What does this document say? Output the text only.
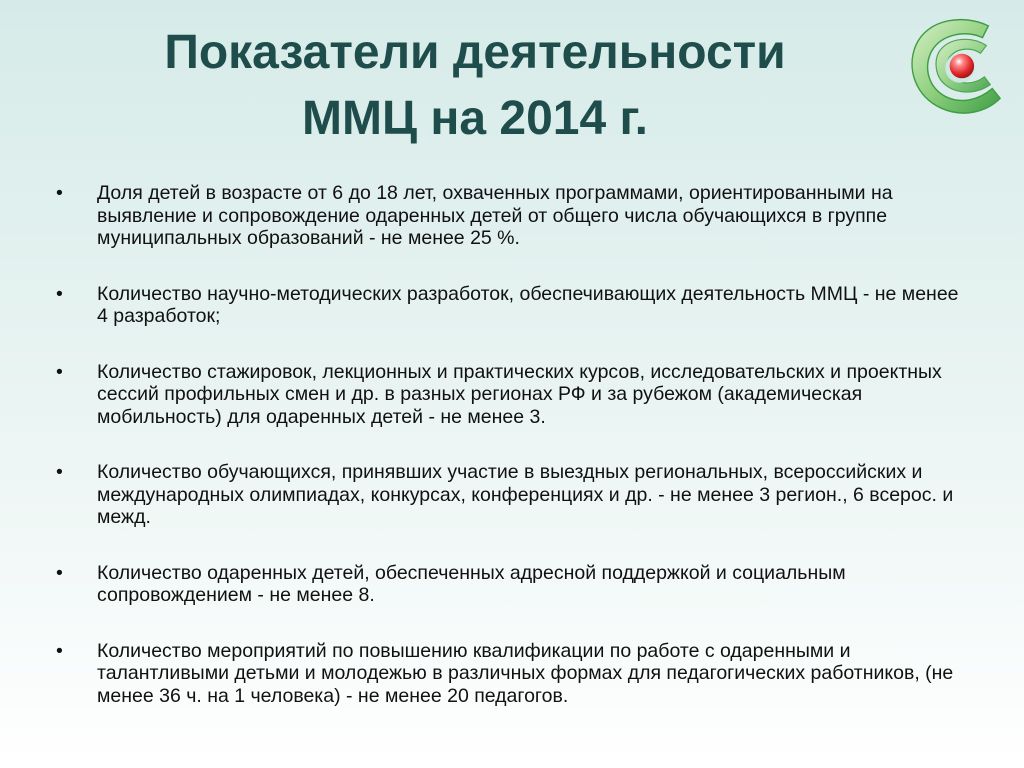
Показатели деятельности
ММЦ на 2014 г.
• Доля детей в возрасте от 6 до 18 лет, охваченных программами, ориентированными на выявление и сопровождение одаренных детей от общего числа обучающихся в группе муниципальных образований - не менее 25 %.
• Количество научно-методических разработок, обеспечивающих деятельность ММЦ - не менее 4 разработок;
• Количество стажировок, лекционных и практических курсов, исследовательских и проектных сессий профильных смен и др. в разных регионах РФ и за рубежом (академическая мобильность) для одаренных детей - не менее 3.
• Количество обучающихся, принявших участие в выездных региональных, всероссийских и международных олимпиадах, конкурсах, конференциях и др. - не менее 3 регион., 6 всерос. и межд.
• Количество одаренных детей, обеспеченных адресной поддержкой и социальным сопровождением - не менее 8.
• Количество мероприятий по повышению квалификации по работе с одаренными и талантливыми детьми и молодежью в различных формах для педагогических работников, (не менее 36 ч. на 1 человека) - не менее 20 педагогов.
